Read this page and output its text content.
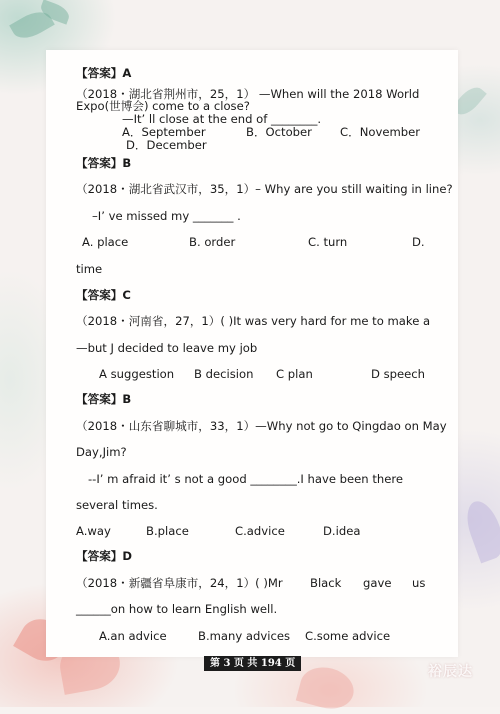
【答案】A
（2018・湖北省荆州市，25，1） —When will the 2018 World
Expo(世博会) come to a close?
—It’ ll close at the end of ________.
A．September	B．October C．November
D．December
【答案】B
（2018・湖北省武汉市，35，1）– Why are you still waiting in line?
–I’ ve missed my _______ .
A. place	B. order	C. turn	D.
time
【答案】C
（2018・河南省，27，1）( )It was very hard for me to make a
—but J decided to leave my job
A suggestion B decision C plan	D speech
【答案】B
（2018・山东省聊城市，33，1）—Why not go to Qingdao on May
Day,Jim?
--I’ m afraid it’ s not a good ________.I have been there
several times.
A.way	B.place	C.advice	D.idea
【答案】D
（2018・新疆省阜康市，24，1）( )Mr Black gave us
______on how to learn English well.
A.an advice	B.many advices C.some advice
第 3 页 共 194 页
裕辰达
